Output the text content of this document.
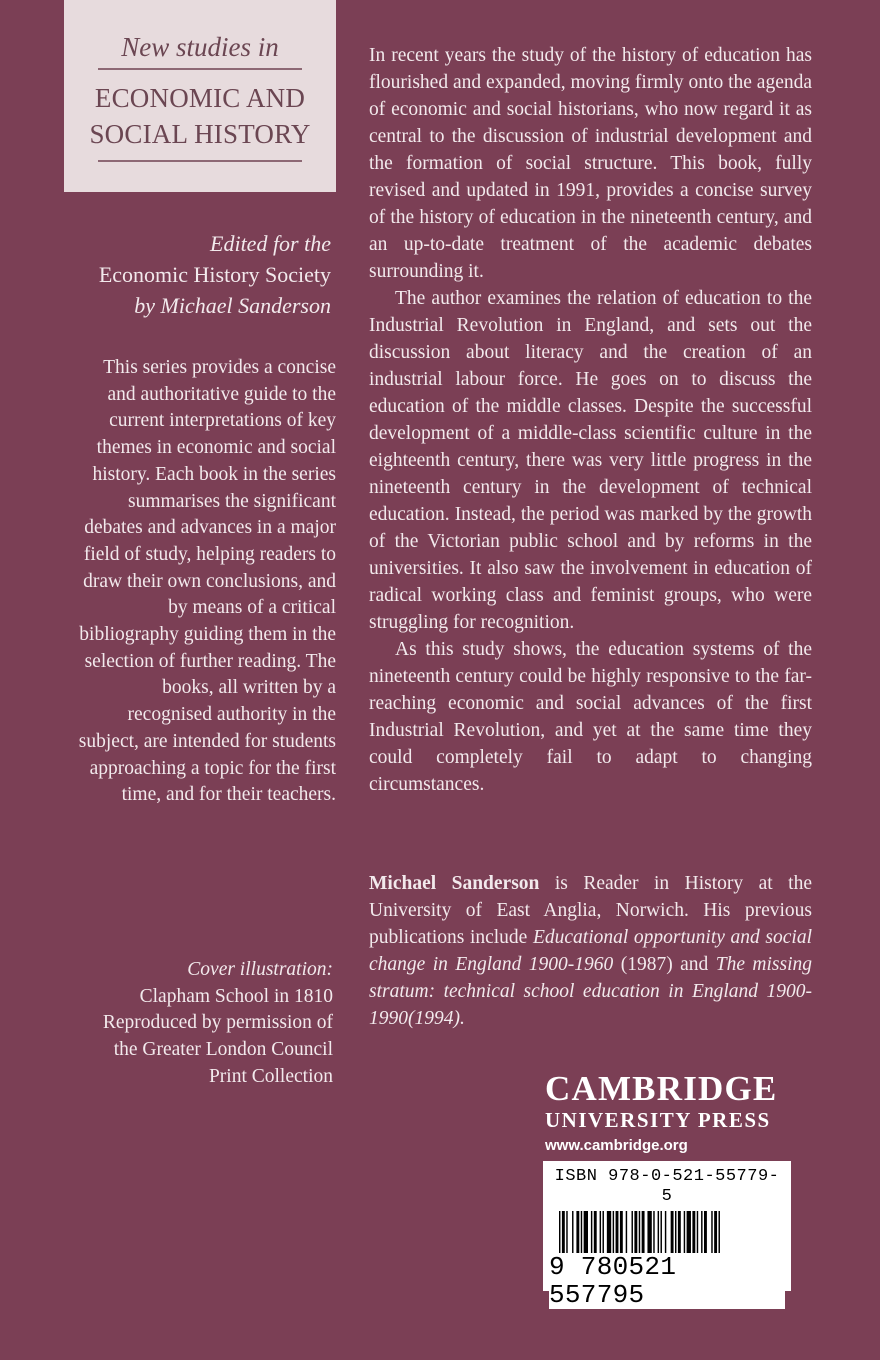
New studies in

ECONOMIC AND
SOCIAL HISTORY

Edited for the
Economic History Society
by Michael Sanderson
This series provides a concise and authoritative guide to the current interpretations of key themes in economic and social history. Each book in the series summarises the significant debates and advances in a major field of study, helping readers to draw their own conclusions, and by means of a critical bibliography guiding them in the selection of further reading. The books, all written by a recognised authority in the subject, are intended for students approaching a topic for the first time, and for their teachers.
Cover illustration:
Clapham School in 1810
Reproduced by permission of
the Greater London Council
Print Collection

In recent years the study of the history of education has flourished and expanded, moving firmly onto the agenda of economic and social historians, who now regard it as central to the discussion of industrial development and the formation of social structure. This book, fully revised and updated in 1991, provides a concise survey of the history of education in the nineteenth century, and an up-to-date treatment of the academic debates surrounding it.

The author examines the relation of education to the Industrial Revolution in England, and sets out the discussion about literacy and the creation of an industrial labour force. He goes on to discuss the education of the middle classes. Despite the successful development of a middle-class scientific culture in the eighteenth century, there was very little progress in the nineteenth century in the development of technical education. Instead, the period was marked by the growth of the Victorian public school and by reforms in the universities. It also saw the involvement in education of radical working class and feminist groups, who were struggling for recognition.

As this study shows, the education systems of the nineteenth century could be highly responsive to the far-reaching economic and social advances of the first Industrial Revolution, and yet at the same time they could completely fail to adapt to changing circumstances.

Michael Sanderson is Reader in History at the University of East Anglia, Norwich. His previous publications include Educational opportunity and social change in England 1900-1960 (1987) and The missing stratum: technical school education in England 1900-1990(1994).
CAMBRIDGE
UNIVERSITY PRESS
www.cambridge.org
ISBN 978-0-521-55779-5
9 780521 557795
